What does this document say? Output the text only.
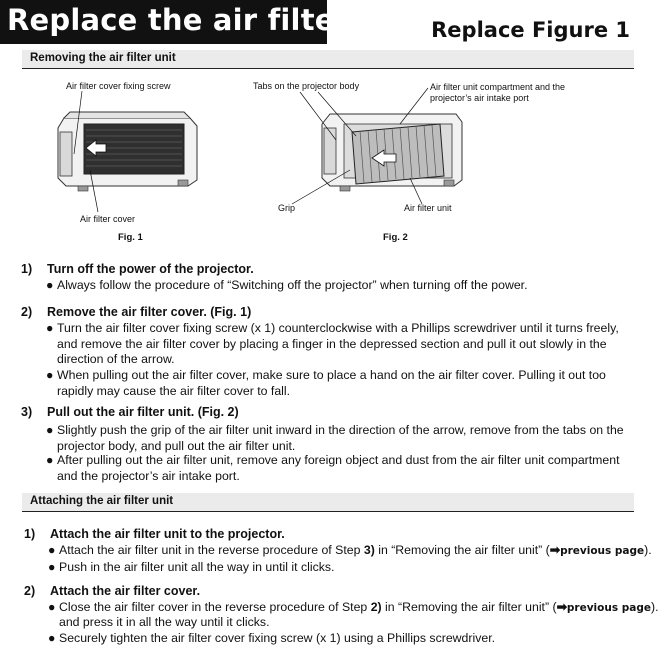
Replace the air filter	Replace Figure 1
Removing the air filter unit
Air filter cover fixing screw
Air filter cover
Fig. 1
Tabs on the projector body	Air filter unit compartment and the
projector’s air intake port
Grip	Air filter unit
Fig. 2
1) Turn off the power of the projector.
● Always follow the procedure of “Switching off the projector” when turning off the power.
2) Remove the air filter cover. (Fig. 1)
● Turn the air filter cover fixing screw (x 1) counterclockwise with a Phillips screwdriver until it turns freely, and remove the air filter cover by placing a finger in the depressed section and pull it out slowly in the direction of the arrow.
● When pulling out the air filter cover, make sure to place a hand on the air filter cover. Pulling it out too rapidly may cause the air filter cover to fall.
3) Pull out the air filter unit. (Fig. 2)
● Slightly push the grip of the air filter unit inward in the direction of the arrow, remove from the tabs on the projector body, and pull out the air filter unit.
● After pulling out the air filter unit, remove any foreign object and dust from the air filter unit compartment and the projector’s air intake port.
Attaching the air filter unit
1) Attach the air filter unit to the projector.
● Attach the air filter unit in the reverse procedure of Step 3) in “Removing the air filter unit” (➡previous page).
● Push in the air filter unit all the way in until it clicks.
2) Attach the air filter cover.
● Close the air filter cover in the reverse procedure of Step 2) in “Removing the air filter unit” (➡previous page).
and press it in all the way until it clicks.
● Securely tighten the air filter cover fixing screw (x 1) using a Phillips screwdriver.
